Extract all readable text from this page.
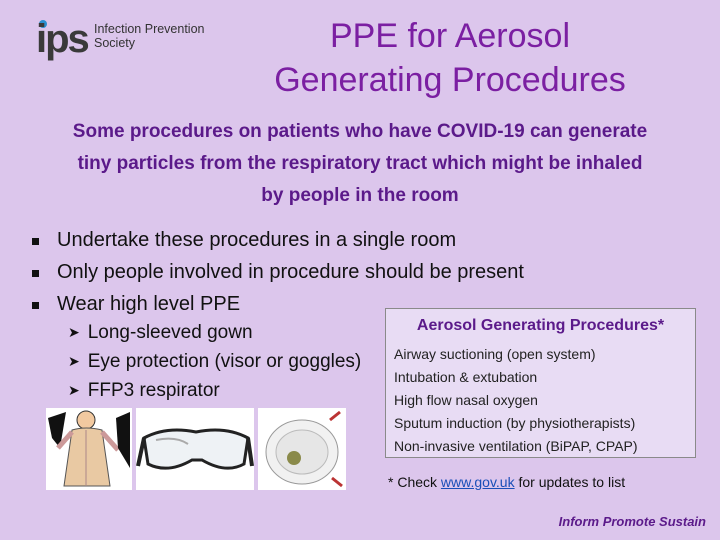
ips Infection Prevention
Society	PPE for Aerosol
Generating Procedures
Some procedures on patients who have COVID-19 can generate
tiny particles from the respiratory tract which might be inhaled
by people in the room
Undertake these procedures in a single room
Only people involved in procedure should be present
Wear high level PPE
➤ Long-sleeved gown
➤ Eye protection (visor or goggles)
➤ FFP3 respirator
Aerosol Generating Procedures*
Airway suctioning (open system)
Intubation & extubation
High flow nasal oxygen
Sputum induction (by physiotherapists)
Non-invasive ventilation (BiPAP, CPAP)
* Check www.gov.uk for updates to list
Inform Promote Sustain
